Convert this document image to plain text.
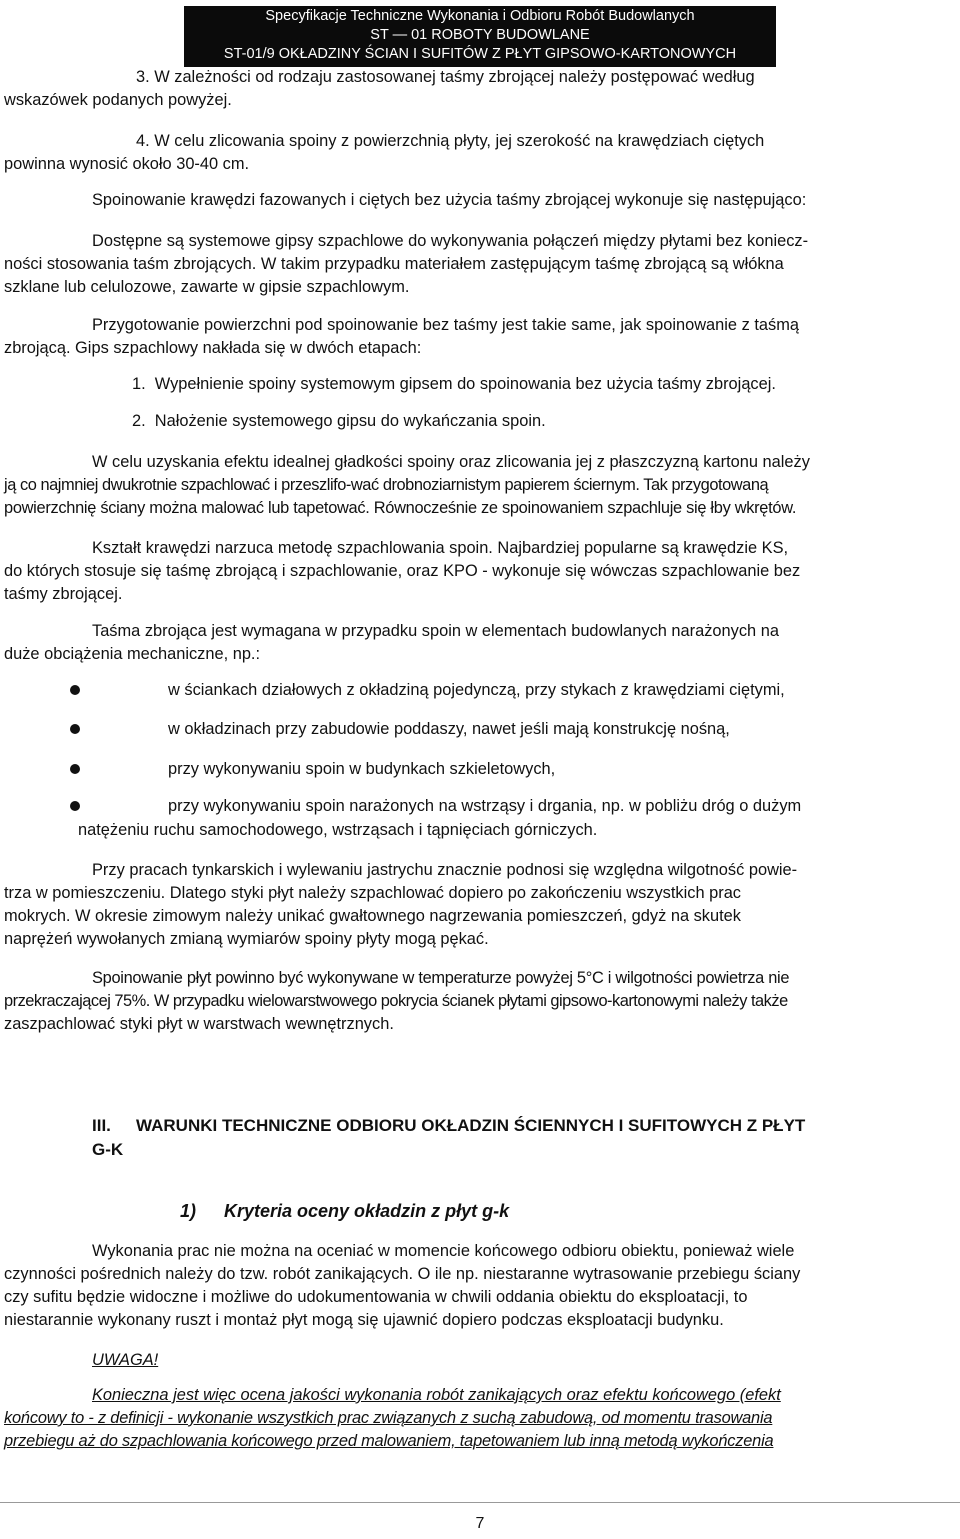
Specyfikacje Techniczne Wykonania i Odbioru Robót Budowlanych
ST — 01 ROBOTY BUDOWLANE
ST-01/9 OKŁADZINY ŚCIAN I SUFITÓW Z PŁYT GIPSOWO-KARTONOWYCH

3. W zależności od rodzaju zastosowanej taśmy zbrojącej należy postępować według

wskazówek podanych powyżej.

4. W celu zlicowania spoiny z powierzchnią płyty, jej szerokość na krawędziach ciętych

powinna wynosić około 30-40 cm.

Spoinowanie krawędzi fazowanych i ciętych bez użycia taśmy zbrojącej wykonuje się następująco:

Dostępne są systemowe gipsy szpachlowe do wykonywania połączeń między płytami bez koniecz-

ności stosowania taśm zbrojących. W takim przypadku materiałem zastępującym taśmę zbrojącą są włókna

szklane lub celulozowe, zawarte w gipsie szpachlowym.

Przygotowanie powierzchni pod spoinowanie bez taśmy jest takie same, jak spoinowanie z taśmą

zbrojącą. Gips szpachlowy nakłada się w dwóch etapach:

1. Wypełnienie spoiny systemowym gipsem do spoinowania bez użycia taśmy zbrojącej.

2. Nałożenie systemowego gipsu do wykańczania spoin.

W celu uzyskania efektu idealnej gładkości spoiny oraz zlicowania jej z płaszczyzną kartonu należy

ją co najmniej dwukrotnie szpachlować i przeszlifo-wać drobnoziarnistym papierem ściernym. Tak przygotowaną

powierzchnię ściany można malować lub tapetować. Równocześnie ze spoinowaniem szpachluje się łby wkrętów.

Kształt krawędzi narzuca metodę szpachlowania spoin. Najbardziej popularne są krawędzie KS,

do których stosuje się taśmę zbrojącą i szpachlowanie, oraz KPO - wykonuje się wówczas szpachlowanie bez

taśmy zbrojącej.

Taśma zbrojąca jest wymagana w przypadku spoin w elementach budowlanych narażonych na

duże obciążenia mechaniczne, np.:

w ściankach działowych z okładziną pojedynczą, przy stykach z krawędziami ciętymi,
w okładzinach przy zabudowie poddaszy, nawet jeśli mają konstrukcję nośną,
przy wykonywaniu spoin w budynkach szkieletowych,
przy wykonywaniu spoin narażonych na wstrząsy i drgania, np. w pobliżu dróg o dużym
natężeniu ruchu samochodowego, wstrząsach i tąpnięciach górniczych.

Przy pracach tynkarskich i wylewaniu jastrychu znacznie podnosi się względna wilgotność powie-

trza w pomieszczeniu. Dlatego styki płyt należy szpachlować dopiero po zakończeniu wszystkich prac

mokrych. W okresie zimowym należy unikać gwałtownego nagrzewania pomieszczeń, gdyż na skutek

naprężeń wywołanych zmianą wymiarów spoiny płyty mogą pękać.

Spoinowanie płyt powinno być wykonywane w temperaturze powyżej 5°C i wilgotności powietrza nie

przekraczającej 75%. W przypadku wielowarstwowego pokrycia ścianek płytami gipsowo-kartonowymi należy także

zaszpachlować styki płyt w warstwach wewnętrznych.

III. WARUNKI TECHNICZNE ODBIORU OKŁADZIN ŚCIENNYCH I SUFITOWYCH Z PŁYT
G-K
1) Kryteria oceny okładzin z płyt g-k

Wykonania prac nie można na oceniać w momencie końcowego odbioru obiektu, ponieważ wiele

czynności pośrednich należy do tzw. robót zanikających. O ile np. niestaranne wytrasowanie przebiegu ściany

czy sufitu będzie widoczne i możliwe do udokumentowania w chwili oddania obiektu do eksploatacji, to

niestarannie wykonany ruszt i montaż płyt mogą się ujawnić dopiero podczas eksploatacji budynku.

UWAGA!

Konieczna jest więc ocena jakości wykonania robót zanikających oraz efektu końcowego (efekt

końcowy to - z definicji - wykonanie wszystkich prac związanych z suchą zabudową, od momentu trasowania

przebiegu aż do szpachlowania końcowego przed malowaniem, tapetowaniem lub inną metodą wykończenia

7
